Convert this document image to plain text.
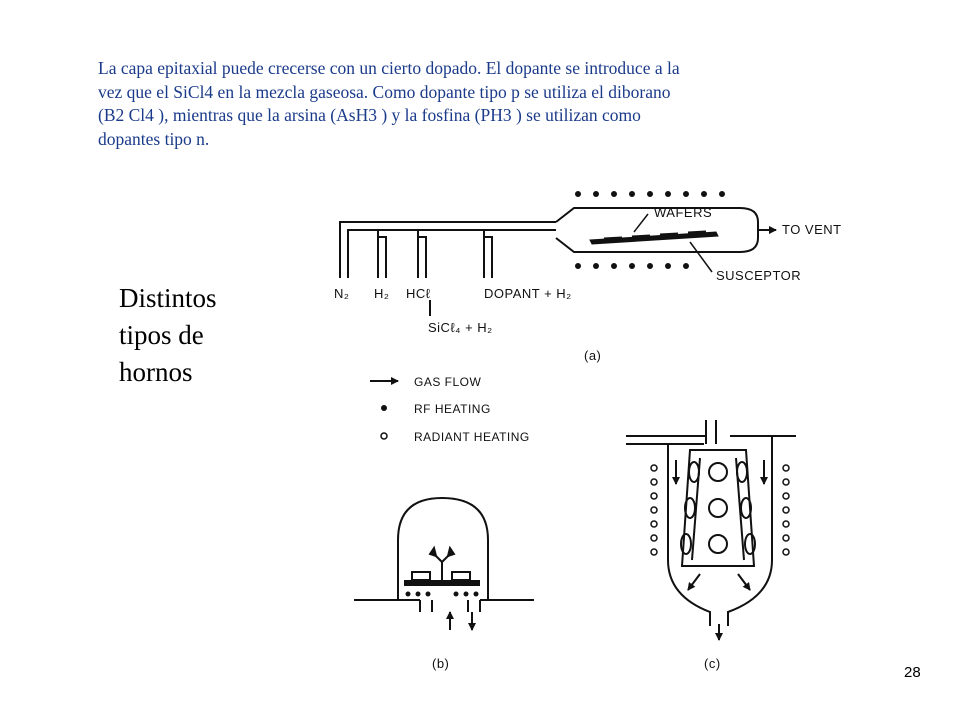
La capa epitaxial puede crecerse con un cierto dopado. El dopante se introduce a la
vez que el SiCl4 en la mezcla gaseosa. Como dopante tipo p se utiliza el diborano
(B2 Cl4 ), mientras que la arsina (AsH3 ) y la fosfina (PH3 ) se utilizan como
dopantes tipo n.
Distintos
tipos de
hornos
WAFERS
TO VENT
SUSCEPTOR
N₂ H₂ HCℓ	DOPANT + H₂
SiCℓ₄ + H₂
(a)
GAS FLOW
RF HEATING
RADIANT HEATING
(b)	(c)
28
